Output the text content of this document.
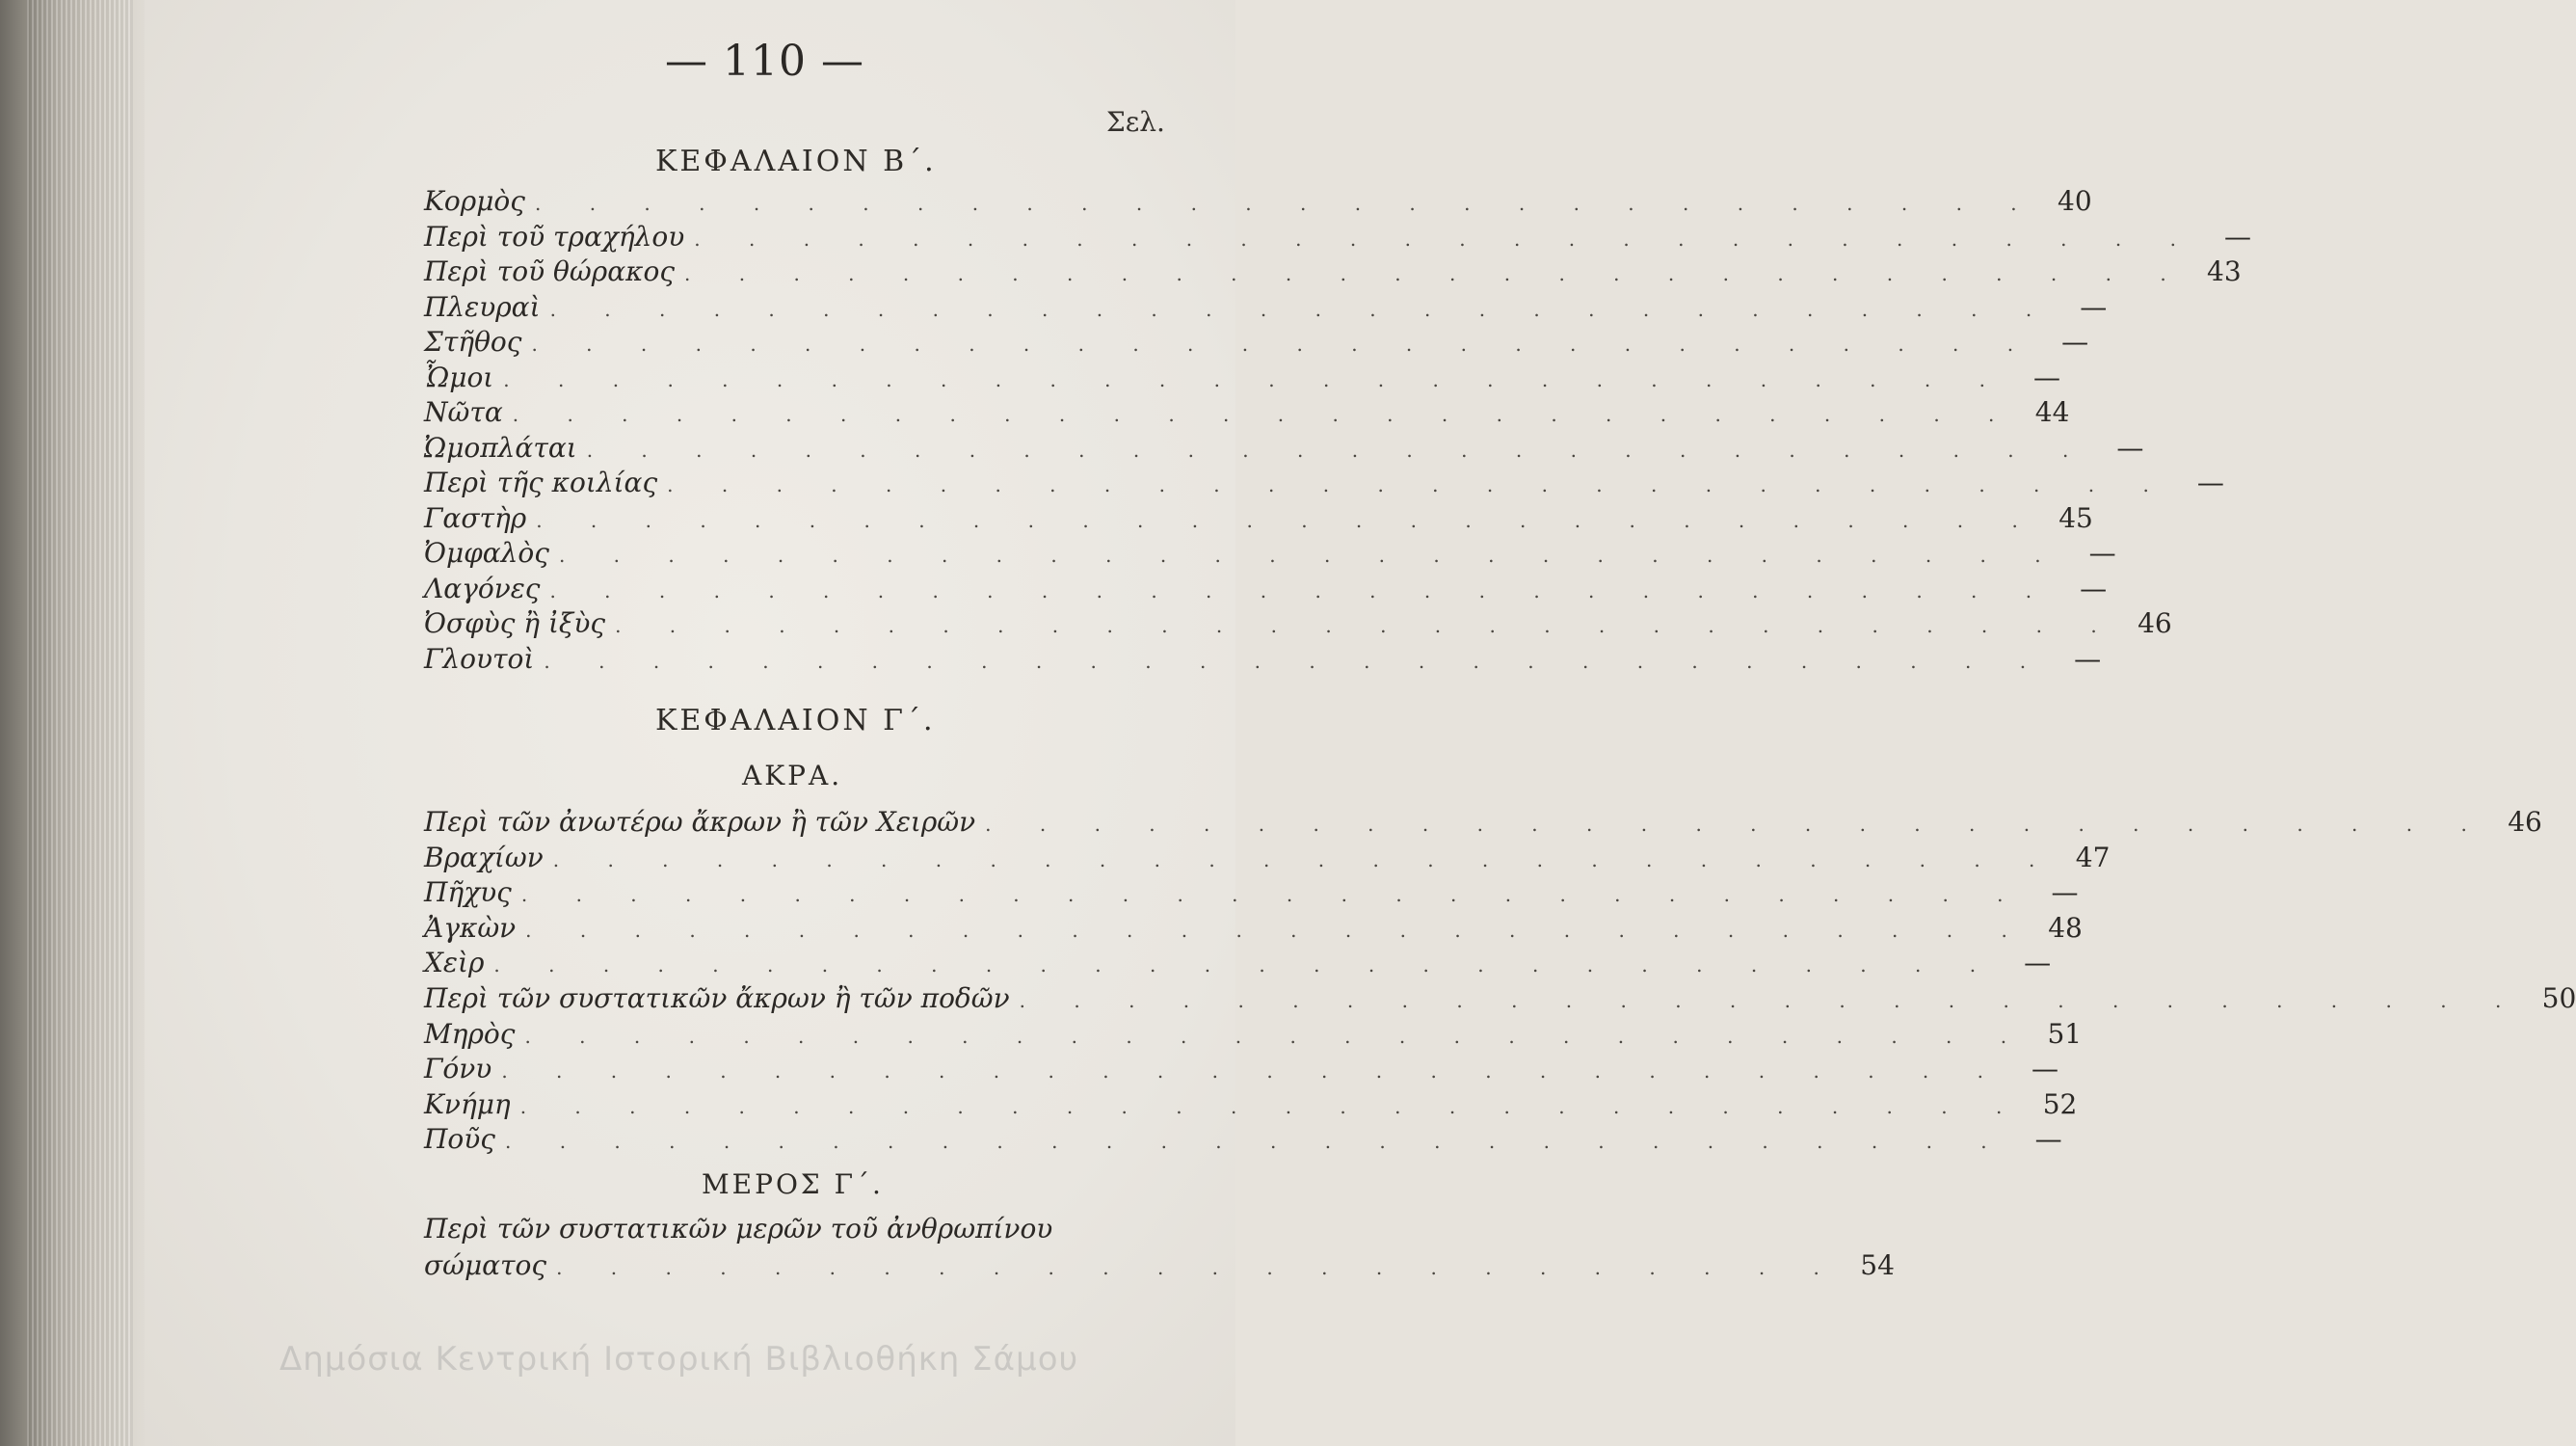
— 110 —
Σελ.
ΚΕΦΑΛΑΙΟΝ Β΄.
Κορμὸς . . . . . . . . . . . . . . . . . . . . . . . . . . . . 40
Περὶ τοῦ τραχήλου . . . . . . . . . . . . . . . . . . . . . . . . . . . .	—
Περὶ τοῦ θώρακος . . . . . . . . . . . . . . . . . . . . . . . . . . . . 43
Πλευραὶ . . . . . . . . . . . . . . . . . . . . . . . . . . . .	—
Στῆθος . . . . . . . . . . . . . . . . . . . . . . . . . . . .	—
Ὦμοι . . . . . . . . . . . . . . . . . . . . . . . . . . . .	—
Νῶτα . . . . . . . . . . . . . . . . . . . . . . . . . . . . 44
Ὠμοπλάται . . . . . . . . . . . . . . . . . . . . . . . . . . . .	—
Περὶ τῆς κοιλίας . . . . . . . . . . . . . . . . . . . . . . . . . . . .	—
Γαστὴρ . . . . . . . . . . . . . . . . . . . . . . . . . . . . 45
Ὀμφαλὸς . . . . . . . . . . . . . . . . . . . . . . . . . . . .	—
Λαγόνες . . . . . . . . . . . . . . . . . . . . . . . . . . . .	—
Ὀσφὺς ἢ ἰξὺς . . . . . . . . . . . . . . . . . . . . . . . . . . . . 46
Γλουτοὶ . . . . . . . . . . . . . . . . . . . . . . . . . . . .	—
ΚΕΦΑΛΑΙΟΝ Γ΄.
ΑΚΡΑ.
Περὶ τῶν ἀνωτέρω ἄκρων ἢ τῶν Χειρῶν . . . . . . . . . . . . . . . . . . . . . . . . . . . . 46
Βραχίων . . . . . . . . . . . . . . . . . . . . . . . . . . . . 47
Πῆχυς . . . . . . . . . . . . . . . . . . . . . . . . . . . .	—
Ἀγκὼν . . . . . . . . . . . . . . . . . . . . . . . . . . . . 48
Χεὶρ . . . . . . . . . . . . . . . . . . . . . . . . . . . .	—
Περὶ τῶν συστατικῶν ἄκρων ἢ τῶν ποδῶν . . . . . . . . . . . . . . . . . . . . . . . . . . . . 50
Μηρὸς . . . . . . . . . . . . . . . . . . . . . . . . . . . . 51
Γόνυ . . . . . . . . . . . . . . . . . . . . . . . . . . . .	—
Κνήμη . . . . . . . . . . . . . . . . . . . . . . . . . . . . 52
Ποῦς . . . . . . . . . . . . . . . . . . . . . . . . . . . .	—
ΜΕΡΟΣ Γ΄.
Περὶ τῶν συστατικῶν μερῶν τοῦ ἀνθρωπίνου
σώματος . . . . . . . . . . . . . . . . . . . . . . . . 54
Δημόσια Κεντρική Ιστορική Βιβλιοθήκη Σάμου
